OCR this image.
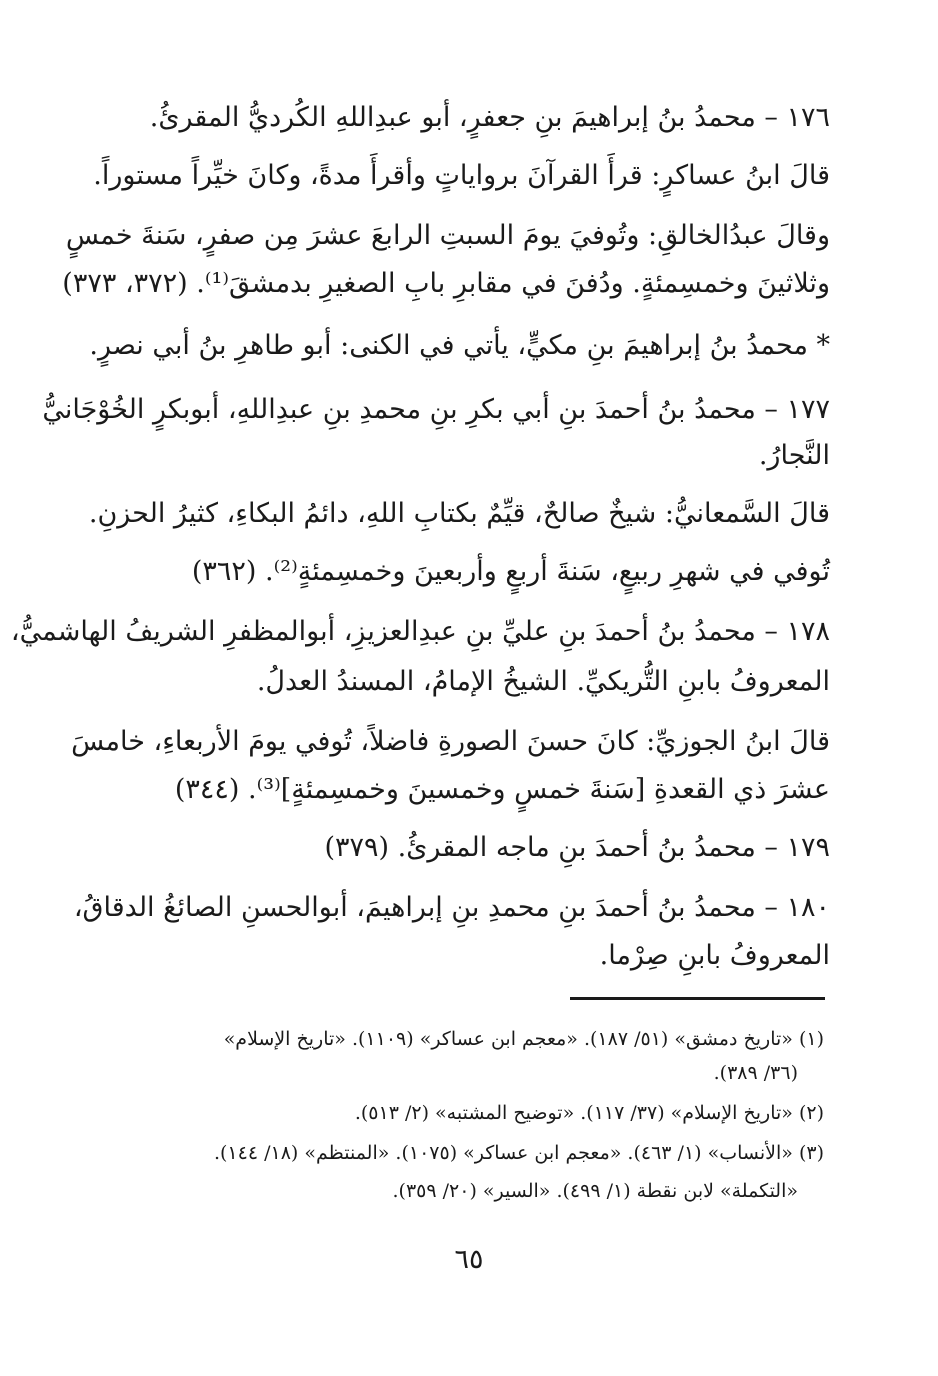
١٧٦ – محمدُ بنُ إبراهيمَ بنِ جعفرٍ، أبو عبدِاللهِ الكُرديُّ المقرئُ.
قالَ ابنُ عساكرٍ: قرأَ القرآنَ برواياتٍ وأقرأَ مدةً، وكانَ خيِّراً مستوراً.
وقالَ عبدُالخالقِ: وتُوفيَ يومَ السبتِ الرابعَ عشرَ مِن صفرٍ، سَنةَ خمسٍ
وثلاثينَ وخمسِمئةٍ. ودُفنَ في مقابرِ بابِ الصغيرِ بدمشقَ⁽¹⁾. (٣٧٢، ٣٧٣)
* محمدُ بنُ إبراهيمَ بنِ مكيٍّ، يأتي في الكنى: أبو طاهرِ بنُ أبي نصرٍ.
١٧٧ – محمدُ بنُ أحمدَ بنِ أبي بكرِ بنِ محمدِ بنِ عبدِاللهِ، أبوبكرٍ الخُوْجَانيُّ
النَّجارُ.
قالَ السَّمعانيُّ: شيخٌ صالحٌ، قيِّمٌ بكتابِ اللهِ، دائمُ البكاءِ، كثيرُ الحزنِ.
تُوفي في شهرِ ربيعٍ، سَنةَ أربعٍ وأربعينَ وخمسِمئةٍ⁽²⁾. (٣٦٢)
١٧٨ – محمدُ بنُ أحمدَ بنِ عليِّ بنِ عبدِالعزيزِ، أبوالمظفرِ الشريفُ الهاشميُّ،
المعروفُ بابنِ التُّريكيِّ. الشيخُ الإمامُ، المسندُ العدلُ.
قالَ ابنُ الجوزيِّ: كانَ حسنَ الصورةِ فاضلاً، تُوفي يومَ الأربعاءِ، خامسَ
عشرَ ذي القعدةِ [سَنةَ خمسٍ وخمسينَ وخمسِمئةٍ]⁽³⁾. (٣٤٤)
١٧٩ – محمدُ بنُ أحمدَ بنِ ماجه المقرئُ. (٣٧٩)
١٨٠ – محمدُ بنُ أحمدَ بنِ محمدِ بنِ إبراهيمَ، أبوالحسنِ الصائغُ الدقاقُ،
المعروفُ بابنِ صِرْما.
(١) «تاريخ دمشق» (٥١/ ١٨٧). «معجم ابن عساكر» (١١٠٩). «تاريخ الإسلام»
(٣٦/ ٣٨٩).
(٢) «تاريخ الإسلام» (٣٧/ ١١٧). «توضيح المشتبه» (٢/ ٥١٣).
(٣) «الأنساب» (١/ ٤٦٣). «معجم ابن عساكر» (١٠٧٥). «المنتظم» (١٨/ ١٤٤).
«التكملة» لابن نقطة (١/ ٤٩٩). «السير» (٢٠/ ٣٥٩).
٦٥
